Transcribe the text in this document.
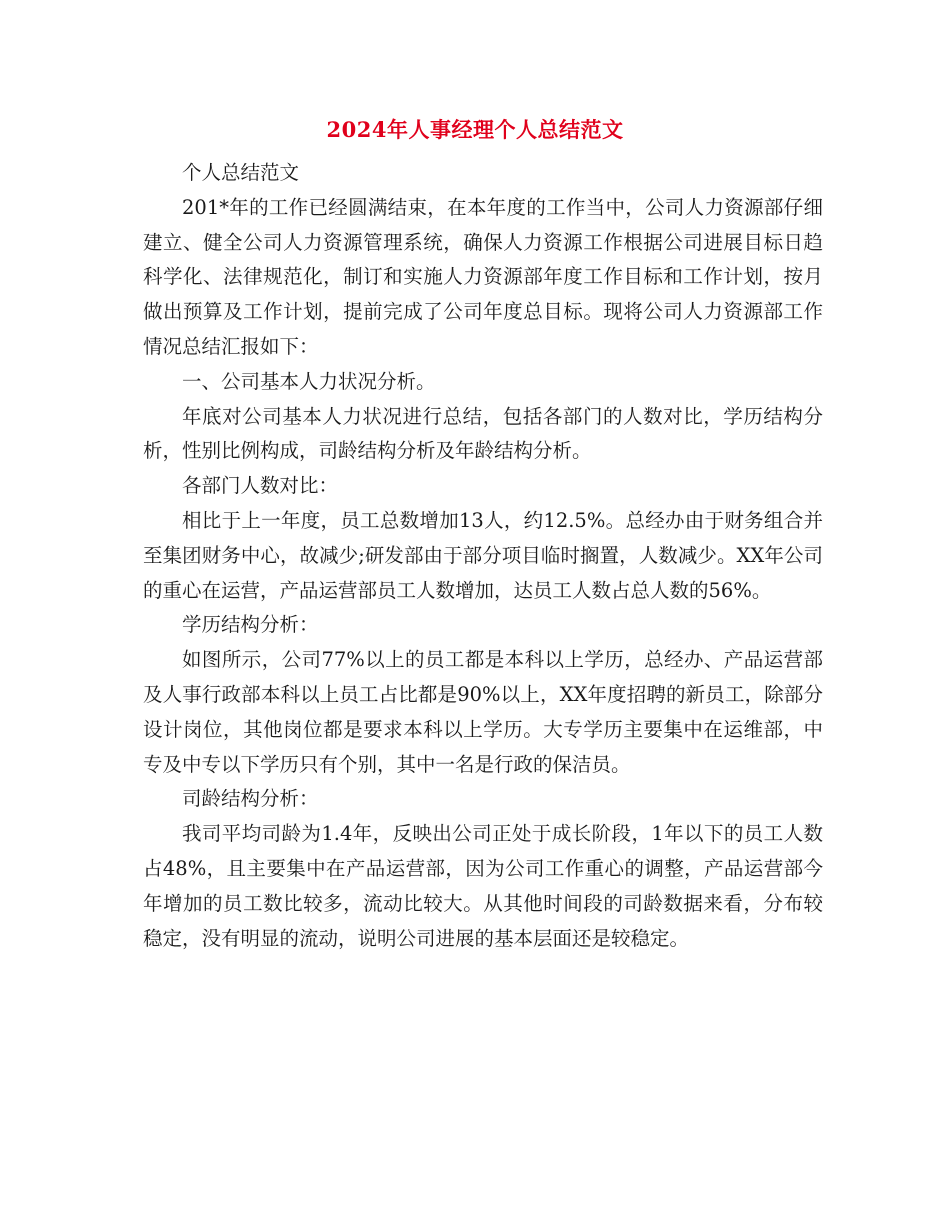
2024年人事经理个人总结范文

个人总结范文

201*年的工作已经圆满结束，在本年度的工作当中，公司人力资源部仔细建立、健全公司人力资源管理系统，确保人力资源工作根据公司进展目标日趋科学化、法律规范化，制订和实施人力资源部年度工作目标和工作计划，按月做出预算及工作计划，提前完成了公司年度总目标。现将公司人力资源部工作情况总结汇报如下：

一、公司基本人力状况分析。

年底对公司基本人力状况进行总结，包括各部门的人数对比，学历结构分析，性别比例构成，司龄结构分析及年龄结构分析。

各部门人数对比：

相比于上一年度，员工总数增加13人，约12.5%。总经办由于财务组合并至集团财务中心，故减少;研发部由于部分项目临时搁置，人数减少。XX年公司的重心在运营，产品运营部员工人数增加，达员工人数占总人数的56%。

学历结构分析：

如图所示，公司77%以上的员工都是本科以上学历，总经办、产品运营部及人事行政部本科以上员工占比都是90%以上，XX年度招聘的新员工，除部分设计岗位，其他岗位都是要求本科以上学历。大专学历主要集中在运维部，中专及中专以下学历只有个别，其中一名是行政的保洁员。

司龄结构分析：

我司平均司龄为1.4年，反映出公司正处于成长阶段，1年以下的员工人数占48%，且主要集中在产品运营部，因为公司工作重心的调整，产品运营部今年增加的员工数比较多，流动比较大。从其他时间段的司龄数据来看，分布较稳定，没有明显的流动，说明公司进展的基本层面还是较稳定。
